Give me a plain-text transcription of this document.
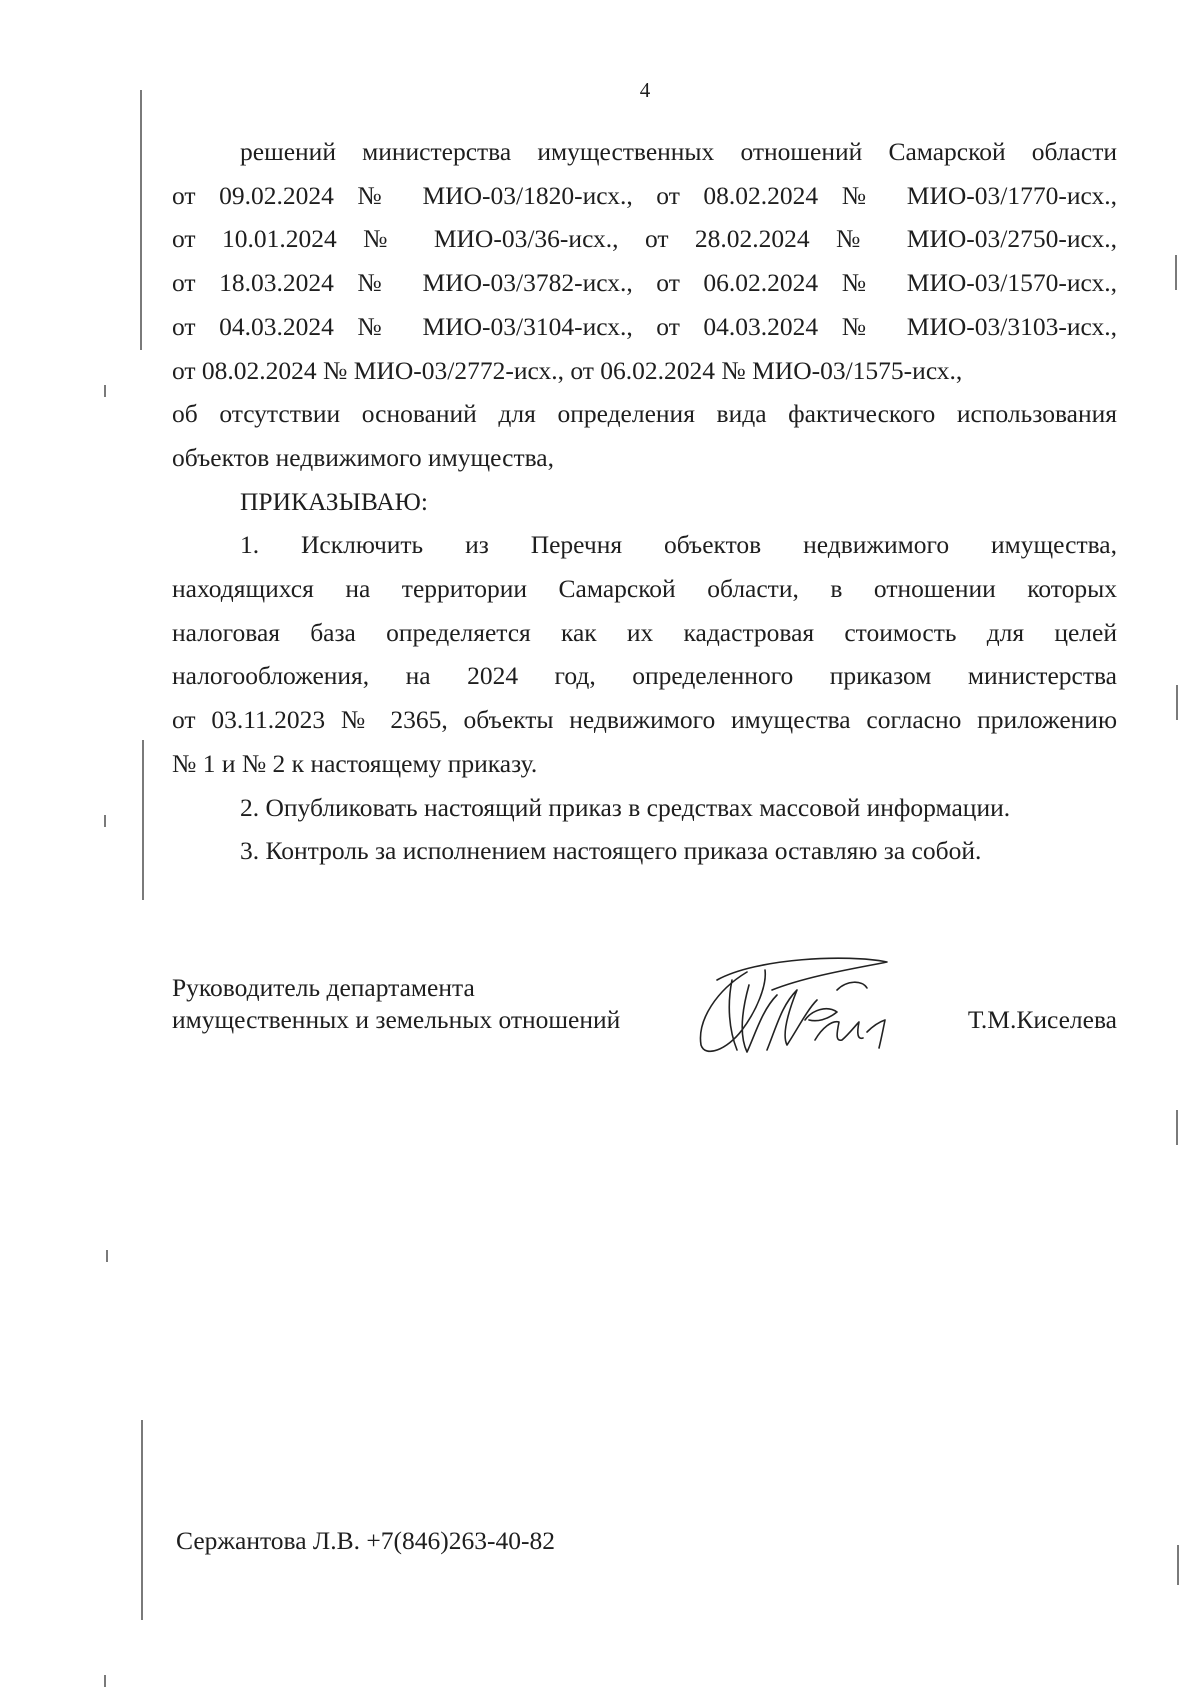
4

решений министерства имущественных отношений Самарской области

от 09.02.2024 № МИО-03/1820-исх., от 08.02.2024 № МИО-03/1770-исх.,

от 10.01.2024 № МИО-03/36-исх., от 28.02.2024 № МИО-03/2750-исх.,

от 18.03.2024 № МИО-03/3782-исх., от 06.02.2024 № МИО-03/1570-исх.,

от 04.03.2024 № МИО-03/3104-исх., от 04.03.2024 № МИО-03/3103-исх.,

от 08.02.2024 № МИО-03/2772-исх., от 06.02.2024 № МИО-03/1575-исх.,

об отсутствии оснований для определения вида фактического использования

объектов недвижимого имущества,

ПРИКАЗЫВАЮ:

1. Исключить из Перечня объектов недвижимого имущества,

находящихся на территории Самарской области, в отношении которых

налоговая база определяется как их кадастровая стоимость для целей

налогообложения, на 2024 год, определенного приказом министерства

от 03.11.2023 № 2365, объекты недвижимого имущества согласно приложению

№ 1 и № 2 к настоящему приказу.

2. Опубликовать настоящий приказ в средствах массовой информации.

3. Контроль за исполнением настоящего приказа оставляю за собой.

Руководитель департамента
имущественных и земельных отношений	Т.М.Киселева
Сержантова Л.В. +7(846)263-40-82
